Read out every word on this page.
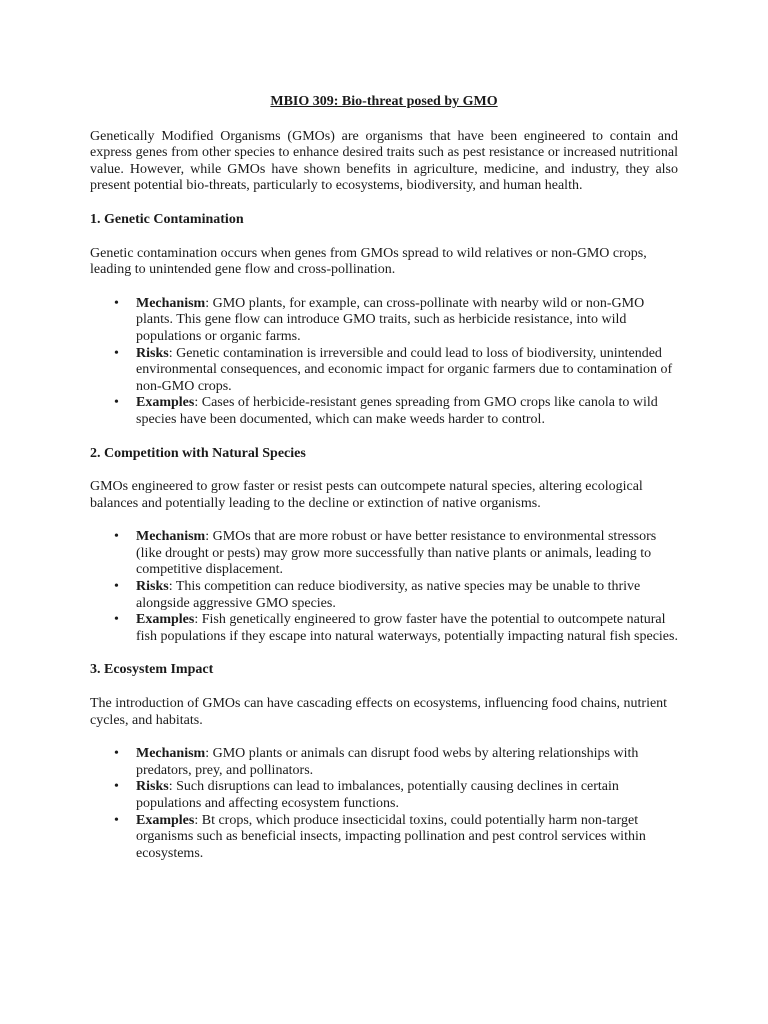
MBIO 309: Bio-threat posed by GMO

Genetically Modified Organisms (GMOs) are organisms that have been engineered to contain and express genes from other species to enhance desired traits such as pest resistance or increased nutritional value. However, while GMOs have shown benefits in agriculture, medicine, and industry, they also present potential bio-threats, particularly to ecosystems, biodiversity, and human health.

1. Genetic Contamination

Genetic contamination occurs when genes from GMOs spread to wild relatives or non-GMO crops, leading to unintended gene flow and cross-pollination.

• Mechanism: GMO plants, for example, can cross-pollinate with nearby wild or non-GMO plants. This gene flow can introduce GMO traits, such as herbicide resistance, into wild populations or organic farms.
• Risks: Genetic contamination is irreversible and could lead to loss of biodiversity, unintended environmental consequences, and economic impact for organic farmers due to contamination of non-GMO crops.
• Examples: Cases of herbicide-resistant genes spreading from GMO crops like canola to wild species have been documented, which can make weeds harder to control.
2. Competition with Natural Species

GMOs engineered to grow faster or resist pests can outcompete natural species, altering ecological balances and potentially leading to the decline or extinction of native organisms.

• Mechanism: GMOs that are more robust or have better resistance to environmental stressors (like drought or pests) may grow more successfully than native plants or animals, leading to competitive displacement.
• Risks: This competition can reduce biodiversity, as native species may be unable to thrive alongside aggressive GMO species.
• Examples: Fish genetically engineered to grow faster have the potential to outcompete natural fish populations if they escape into natural waterways, potentially impacting natural fish species.
3. Ecosystem Impact

The introduction of GMOs can have cascading effects on ecosystems, influencing food chains, nutrient cycles, and habitats.

• Mechanism: GMO plants or animals can disrupt food webs by altering relationships with predators, prey, and pollinators.
• Risks: Such disruptions can lead to imbalances, potentially causing declines in certain populations and affecting ecosystem functions.
• Examples: Bt crops, which produce insecticidal toxins, could potentially harm non-target organisms such as beneficial insects, impacting pollination and pest control services within ecosystems.
